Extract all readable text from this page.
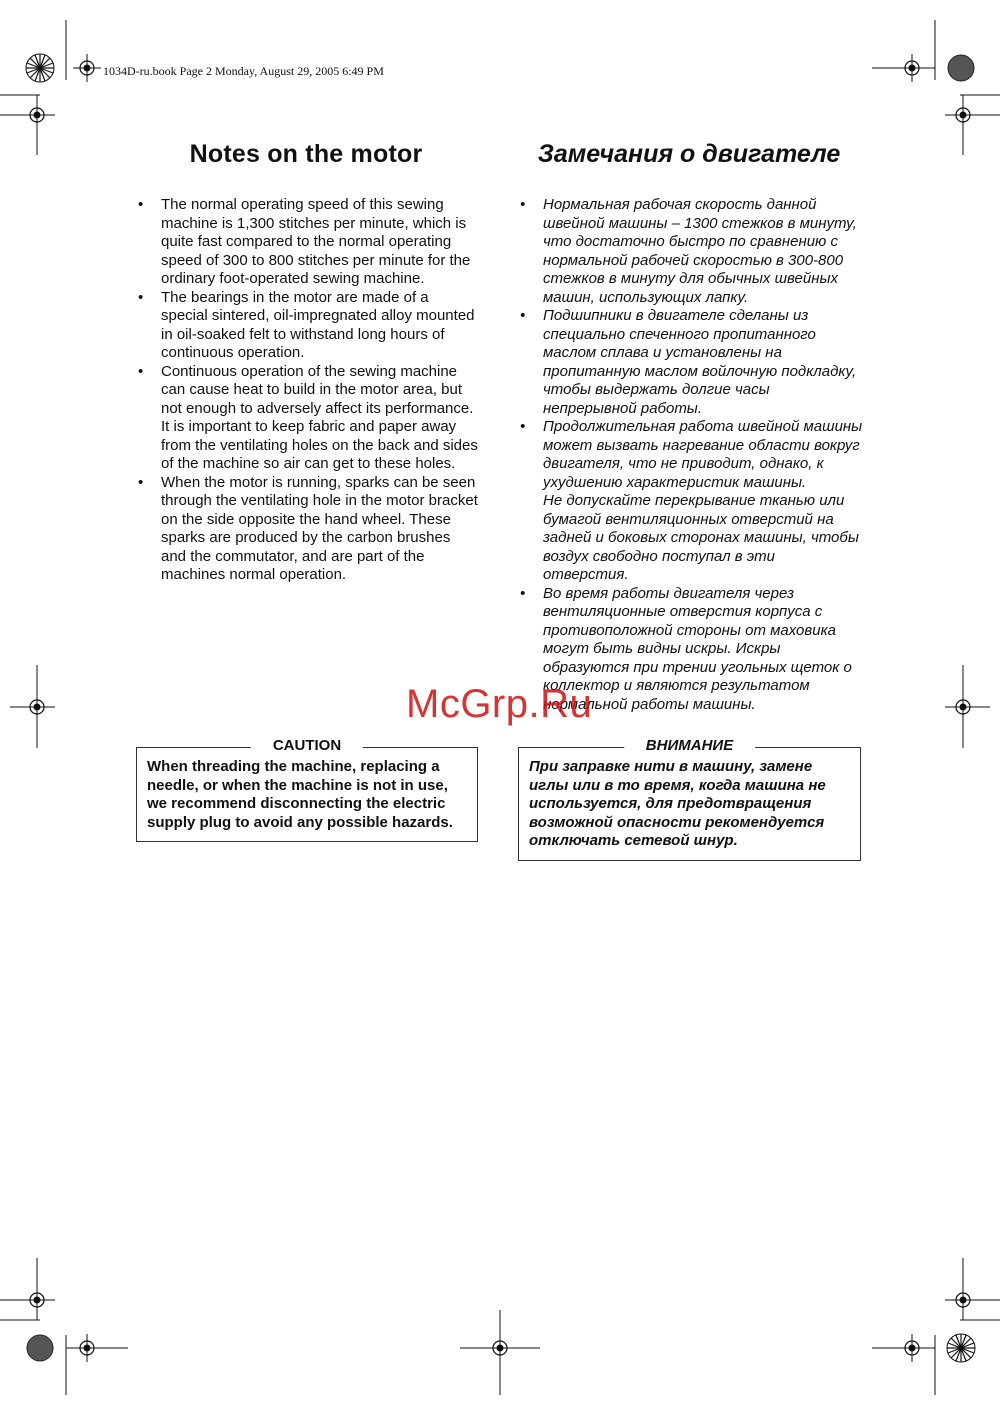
1034D-ru.book Page 2 Monday, August 29, 2005 6:49 PM
Notes on the motor	Замечания о двигателе
• The normal operating speed of this sewing machine is 1,300 stitches per minute, which is quite fast compared to the normal operating speed of 300 to 800 stitches per minute for the ordinary foot-operated sewing machine.
• The bearings in the motor are made of a special sintered, oil-impregnated alloy mounted in oil-soaked felt to withstand long hours of continuous operation.
• Continuous operation of the sewing machine can cause heat to build in the motor area, but not enough to adversely affect its performance.
It is important to keep fabric and paper away from the ventilating holes on the back and sides of the machine so air can get to these holes.
• When the motor is running, sparks can be seen through the ventilating hole in the motor bracket on the side opposite the hand wheel. These sparks are produced by the carbon brushes and the commutator, and are part of the machines normal operation.
• Нормальная рабочая скорость данной швейной машины – 1300 стежков в минуту, что достаточно быстро по сравнению с нормальной рабочей скоростью в 300-800 стежков в минуту для обычных швейных машин, использующих лапку.
• Подшипники в двигателе сделаны из специально спеченного пропитанного маслом сплава и установлены на пропитанную маслом войлочную подкладку, чтобы выдержать долгие часы непрерывной работы.
• Продолжительная работа швейной машины может вызвать нагревание области вокруг двигателя, что не приводит, однако, к ухудшению характеристик машины.
Не допускайте перекрывание тканью или бумагой вентиляционных отверстий на задней и боковых сторонах машины, чтобы воздух свободно поступал в эти отверстия.
• Во время работы двигателя через вентиляционные отверстия корпуса с противоположной стороны от маховика могут быть видны искры. Искры образуются при трении угольных щеток о коллектор и являются результатом нормальной работы машины.
McGrp.Ru
CAUTION
When threading the machine, replacing a needle, or when the machine is not in use, we recommend disconnecting the electric supply plug to avoid any possible hazards.
ВНИМАНИЕ
При заправке нити в машину, замене иглы или в то время, когда машина не используется, для предотвращения возможной опасности рекомендуется отключать сетевой шнур.
